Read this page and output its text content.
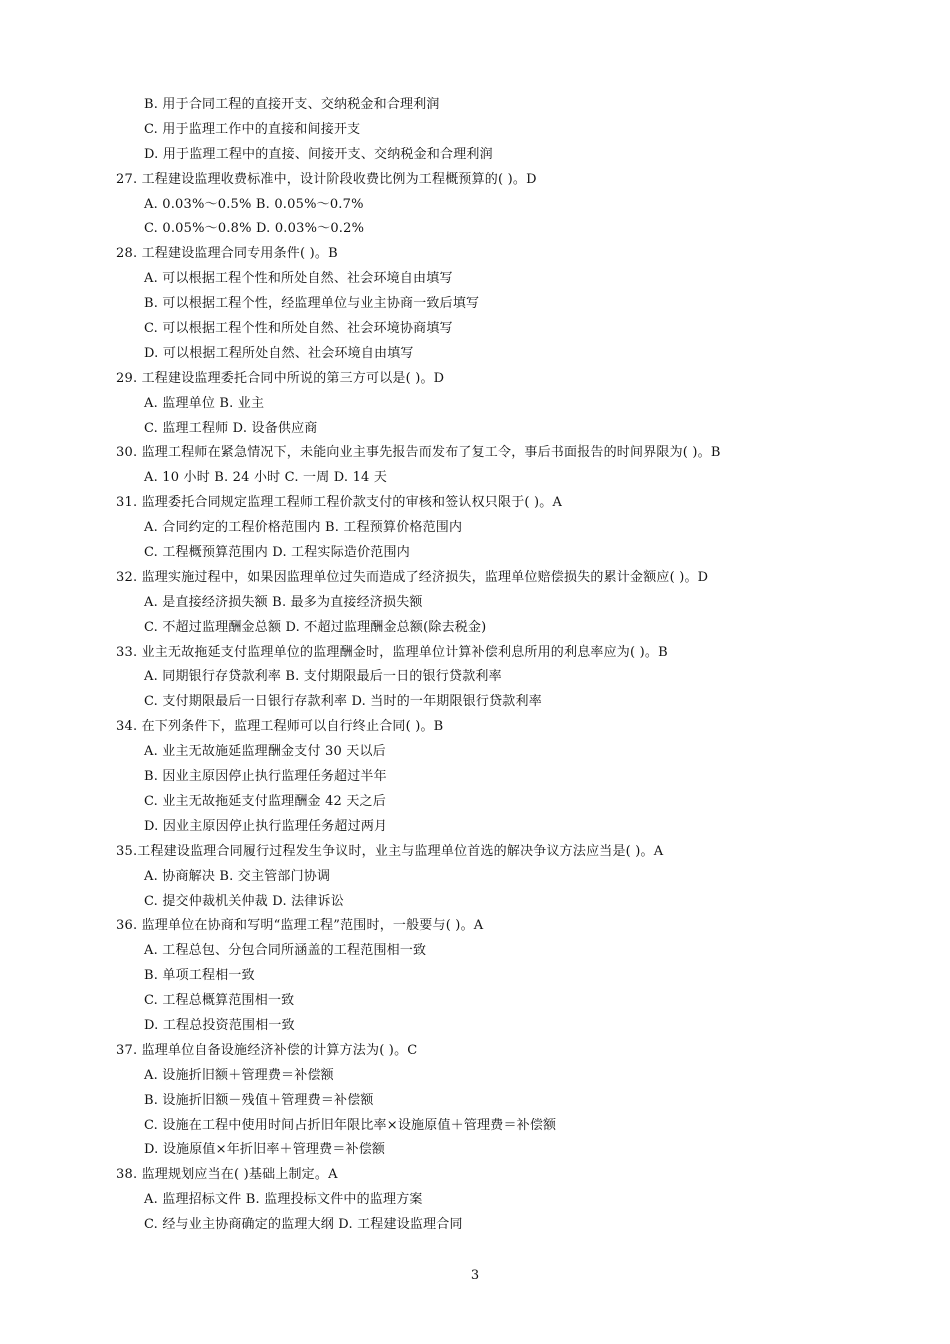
B. 用于合同工程的直接开支、交纳税金和合理利润
C. 用于监理工作中的直接和间接开支
D. 用于监理工程中的直接、间接开支、交纳税金和合理利润
27. 工程建设监理收费标准中，设计阶段收费比例为工程概预算的( )。D
A. 0.03%～0.5% B. 0.05%～0.7%
C. 0.05%～0.8% D. 0.03%～0.2%
28. 工程建设监理合同专用条件( )。B
A. 可以根据工程个性和所处自然、社会环境自由填写
B. 可以根据工程个性，经监理单位与业主协商一致后填写
C. 可以根据工程个性和所处自然、社会环境协商填写
D. 可以根据工程所处自然、社会环境自由填写
29. 工程建设监理委托合同中所说的第三方可以是( )。D
A. 监理单位 B. 业主
C. 监理工程师 D. 设备供应商
30. 监理工程师在紧急情况下，未能向业主事先报告而发布了复工令，事后书面报告的时间界限为( )。B
A. 10 小时 B. 24 小时 C. 一周 D. 14 天
31. 监理委托合同规定监理工程师工程价款支付的审核和签认权只限于( )。A
A. 合同约定的工程价格范围内 B. 工程预算价格范围内
C. 工程概预算范围内 D. 工程实际造价范围内
32. 监理实施过程中，如果因监理单位过失而造成了经济损失，监理单位赔偿损失的累计金额应( )。D
A. 是直接经济损失额 B. 最多为直接经济损失额
C. 不超过监理酬金总额 D. 不超过监理酬金总额(除去税金)
33. 业主无故拖延支付监理单位的监理酬金时，监理单位计算补偿利息所用的利息率应为( )。B
A. 同期银行存贷款利率 B. 支付期限最后一日的银行贷款利率
C. 支付期限最后一日银行存款利率 D. 当时的一年期限银行贷款利率
34. 在下列条件下，监理工程师可以自行终止合同( )。B
A. 业主无故施延监理酬金支付 30 天以后
B. 因业主原因停止执行监理任务超过半年
C. 业主无故拖延支付监理酬金 42 天之后
D. 因业主原因停止执行监理任务超过两月
35.工程建设监理合同履行过程发生争议时，业主与监理单位首选的解决争议方法应当是( )。A
A. 协商解决 B. 交主管部门协调
C. 提交仲裁机关仲裁 D. 法律诉讼
36. 监理单位在协商和写明“监理工程”范围时，一般要与( )。A
A. 工程总包、分包合同所涵盖的工程范围相一致
B. 单项工程相一致
C. 工程总概算范围相一致
D. 工程总投资范围相一致
37. 监理单位自备设施经济补偿的计算方法为( )。C
A. 设施折旧额＋管理费＝补偿额
B. 设施折旧额－残值＋管理费＝补偿额
C. 设施在工程中使用时间占折旧年限比率×设施原值＋管理费＝补偿额
D. 设施原值×年折旧率＋管理费＝补偿额
38. 监理规划应当在( )基础上制定。A
A. 监理招标文件 B. 监理投标文件中的监理方案
C. 经与业主协商确定的监理大纲 D. 工程建设监理合同
3
